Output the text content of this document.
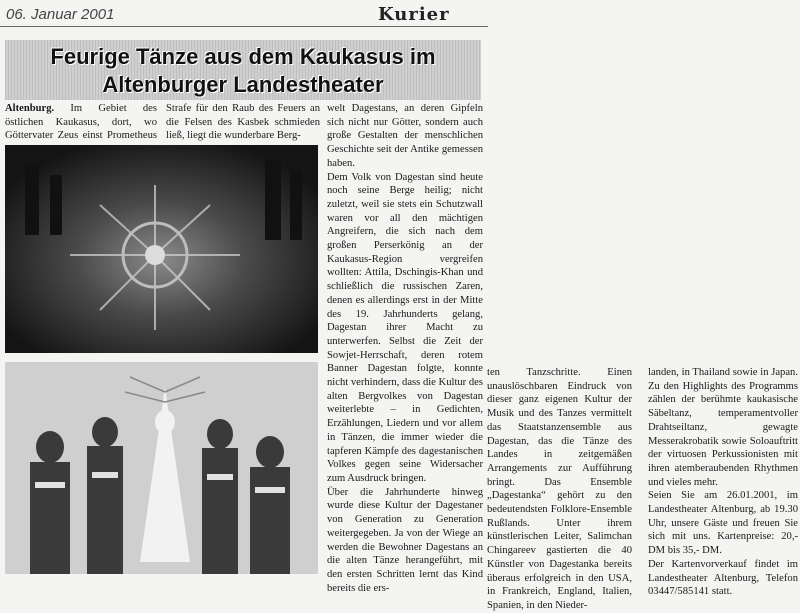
06. Januar 2001	Kurier
Feurige Tänze aus dem Kaukasus im Altenburger Landestheater

Altenburg. Im Gebiet des östlichen Kaukasus, dort, wo Göttervater Zeus einst Prometheus

Strafe für den Raub des Feuers an die Felsen des Kasbek schmieden ließ, liegt die wunderbare Berg-

welt Dagestans, an deren Gipfeln sich nicht nur Götter, sondern auch große Gestalten der menschlichen Geschichte seit der Antike gemessen haben.

Dem Volk von Dagestan sind heute noch seine Berge heilig; nicht zuletzt, weil sie stets ein Schutzwall waren vor all den mächtigen Angreifern, die sich nach dem großen Perserkönig an der Kaukasus-Region vergreifen wollten: Attila, Dschingis-Khan und schließlich die russischen Zaren, denen es allerdings erst in der Mitte des 19. Jahrhunderts gelang, Dagestan ihrer Macht zu unterwerfen. Selbst die Zeit der Sowjet-Herrschaft, deren rotem Banner Dagestan folgte, konnte nicht verhindern, dass die Kultur des alten Bergvolkes von Dagestan weiterlebte – in Gedichten, Erzählungen, Liedern und vor allem in Tänzen, die immer wieder die tapferen Kämpfe des dagestanischen Volkes gegen seine Widersacher zum Ausdruck bringen.

Über die Jahrhunderte hinweg wurde diese Kultur der Dagestaner von Generation zu Generation weitergegeben. Ja von der Wiege an werden die Bewohner Dagestans an die alten Tänze herangeführt, mit den ersten Schritten lernt das Kind bereits die ers-

ten Tanzschritte. Einen unauslöschbaren Eindruck von dieser ganz eigenen Kultur der Musik und des Tanzes vermittelt das Staatstanzensemble aus Dagestan, das die Tänze des Landes in zeitgemäßen Arrangements zur Aufführung bringt. Das Ensemble „Dagestanka“ gehört zu den bedeutendsten Folklore-Ensemble Rußlands. Unter ihrem künstlerischen Leiter, Salimchan Chingareev gastierten die 40 Künstler von Dagestanka bereits überaus erfolgreich in den USA, in Frankreich, England, Italien, Spanien, in den Nieder-

landen, in Thailand sowie in Japan. Zu den Highlights des Programms zählen der berühmte kaukasische Säbeltanz, temperamentvoller Drahtseiltanz, gewagte Messerakrobatik sowie Soloauftritt der virtuosen Perkussionisten mit ihren atemberaubenden Rhythmen und vieles mehr.

Seien Sie am 26.01.2001, im Landestheater Altenburg, ab 19.30 Uhr, unsere Gäste und freuen Sie sich mit uns. Kartenpreise: 20,- DM bis 35,- DM.

Der Kartenvorverkauf findet im Landestheater Altenburg, Telefon 03447/585141 statt.
